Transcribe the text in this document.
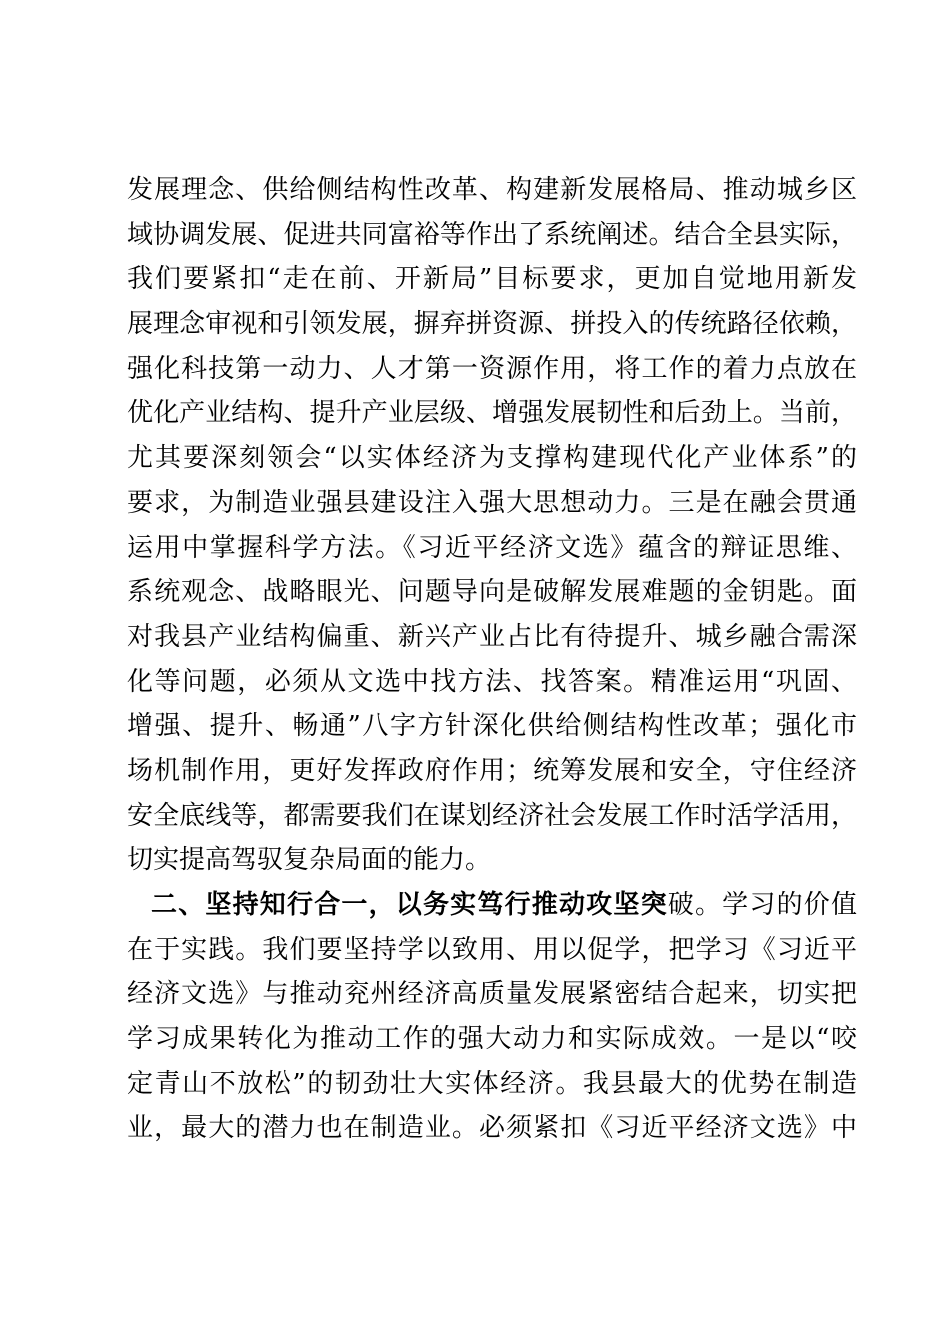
发展理念、供给侧结构性改革、构建新发展格局、推动城乡区
域协调发展、促进共同富裕等作出了系统阐述。结合全县实际，
我们要紧扣“走在前、开新局”目标要求，更加自觉地用新发
展理念审视和引领发展，摒弃拼资源、拼投入的传统路径依赖，
强化科技第一动力、人才第一资源作用，将工作的着力点放在
优化产业结构、提升产业层级、增强发展韧性和后劲上。当前，
尤其要深刻领会“以实体经济为支撑构建现代化产业体系”的
要求，为制造业强县建设注入强大思想动力。三是在融会贯通
运用中掌握科学方法。《习近平经济文选》蕴含的辩证思维、
系统观念、战略眼光、问题导向是破解发展难题的金钥匙。面
对我县产业结构偏重、新兴产业占比有待提升、城乡融合需深
化等问题，必须从文选中找方法、找答案。精准运用“巩固、
增强、提升、畅通”八字方针深化供给侧结构性改革；强化市
场机制作用，更好发挥政府作用；统筹发展和安全，守住经济
安全底线等，都需要我们在谋划经济社会发展工作时活学活用，
切实提高驾驭复杂局面的能力。
二、坚持知行合一，以务实笃行推动攻坚突破。学习的价值
在于实践。我们要坚持学以致用、用以促学，把学习《习近平
经济文选》与推动兖州经济高质量发展紧密结合起来，切实把
学习成果转化为推动工作的强大动力和实际成效。一是以“咬
定青山不放松”的韧劲壮大实体经济。我县最大的优势在制造
业，最大的潜力也在制造业。必须紧扣《习近平经济文选》中
